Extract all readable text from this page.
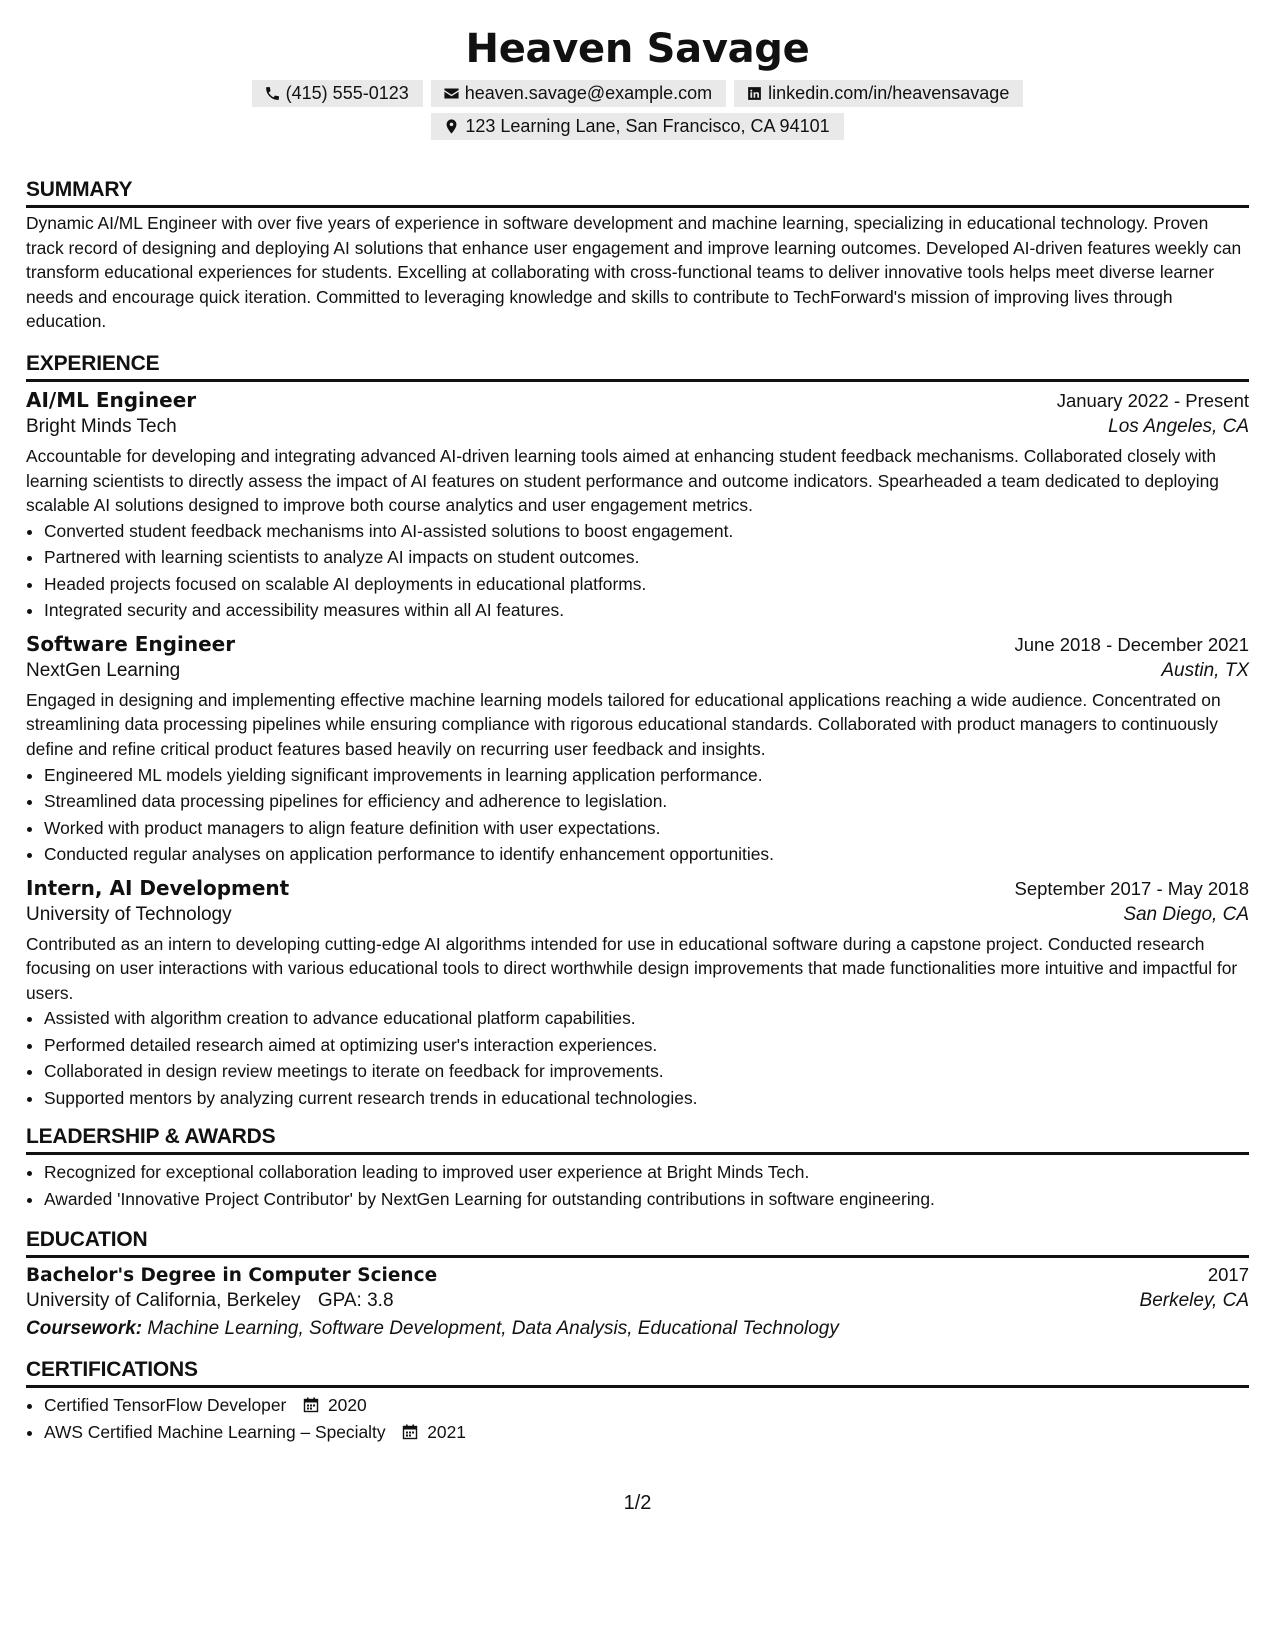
Heaven Savage
(415) 555-0123	heaven.savage@example.com	linkedin.com/in/heavensavage
123 Learning Lane, San Francisco, CA 94101
SUMMARY

Dynamic AI/ML Engineer with over five years of experience in software development and machine learning, specializing in educational technology. Proven track record of designing and deploying AI solutions that enhance user engagement and improve learning outcomes. Developed AI-driven features weekly can transform educational experiences for students. Excelling at collaborating with cross-functional teams to deliver innovative tools helps meet diverse learner needs and encourage quick iteration. Committed to leveraging knowledge and skills to contribute to TechForward's mission of improving lives through education.

EXPERIENCE
AI/ML Engineer	January 2022 - Present
Bright Minds Tech	Los Angeles, CA

Accountable for developing and integrating advanced AI-driven learning tools aimed at enhancing student feedback mechanisms. Collaborated closely with learning scientists to directly assess the impact of AI features on student performance and outcome indicators. Spearheaded a team dedicated to deploying scalable AI solutions designed to improve both course analytics and user engagement metrics.

• Converted student feedback mechanisms into AI-assisted solutions to boost engagement.
• Partnered with learning scientists to analyze AI impacts on student outcomes.
• Headed projects focused on scalable AI deployments in educational platforms.
• Integrated security and accessibility measures within all AI features.
Software Engineer	June 2018 - December 2021
NextGen Learning	Austin, TX

Engaged in designing and implementing effective machine learning models tailored for educational applications reaching a wide audience. Concentrated on streamlining data processing pipelines while ensuring compliance with rigorous educational standards. Collaborated with product managers to continuously define and refine critical product features based heavily on recurring user feedback and insights.

• Engineered ML models yielding significant improvements in learning application performance.
• Streamlined data processing pipelines for efficiency and adherence to legislation.
• Worked with product managers to align feature definition with user expectations.
• Conducted regular analyses on application performance to identify enhancement opportunities.
Intern, AI Development	September 2017 - May 2018
University of Technology	San Diego, CA

Contributed as an intern to developing cutting-edge AI algorithms intended for use in educational software during a capstone project. Conducted research focusing on user interactions with various educational tools to direct worthwhile design improvements that made functionalities more intuitive and impactful for users.

• Assisted with algorithm creation to advance educational platform capabilities.
• Performed detailed research aimed at optimizing user's interaction experiences.
• Collaborated in design review meetings to iterate on feedback for improvements.
• Supported mentors by analyzing current research trends in educational technologies.
LEADERSHIP & AWARDS
• Recognized for exceptional collaboration leading to improved user experience at Bright Minds Tech.
• Awarded 'Innovative Project Contributor' by NextGen Learning for outstanding contributions in software engineering.
EDUCATION
Bachelor's Degree in Computer Science	2017
University of California, Berkeley GPA: 3.8	Berkeley, CA
Coursework: Machine Learning, Software Development, Data Analysis, Educational Technology
CERTIFICATIONS
• Certified TensorFlow Developer 2020
• AWS Certified Machine Learning – Specialty 2021
1/2
